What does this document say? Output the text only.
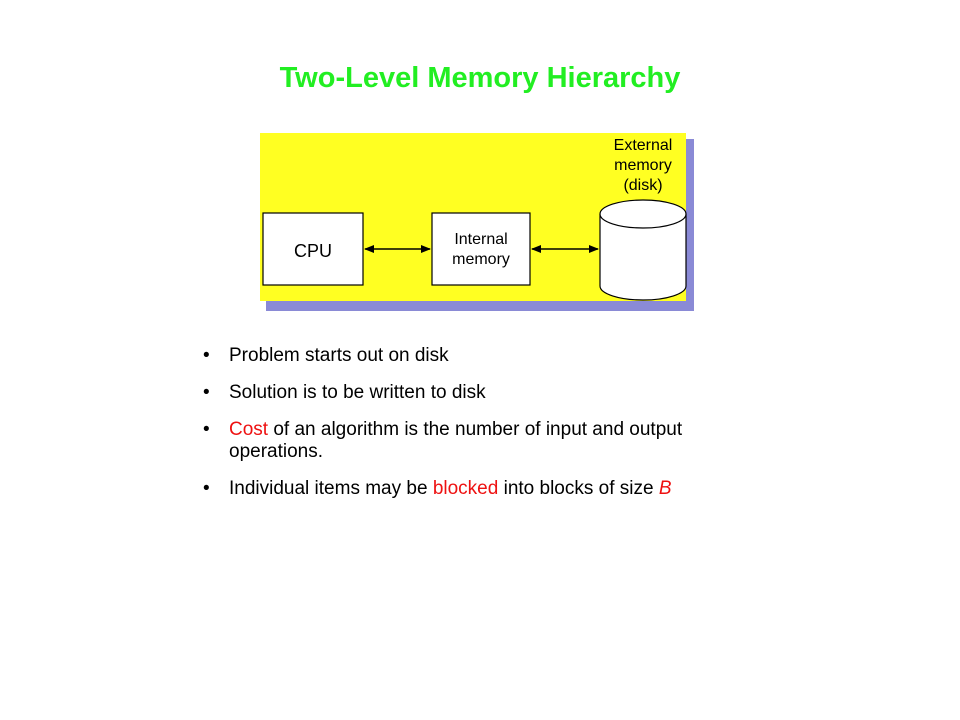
Two-Level Memory Hierarchy
CPU
Internal
memory
External
memory
(disk)
• Problem starts out on disk
• Solution is to be written to disk
• Cost of an algorithm is the number of input and output operations.
• Individual items may be blocked into blocks of size B
